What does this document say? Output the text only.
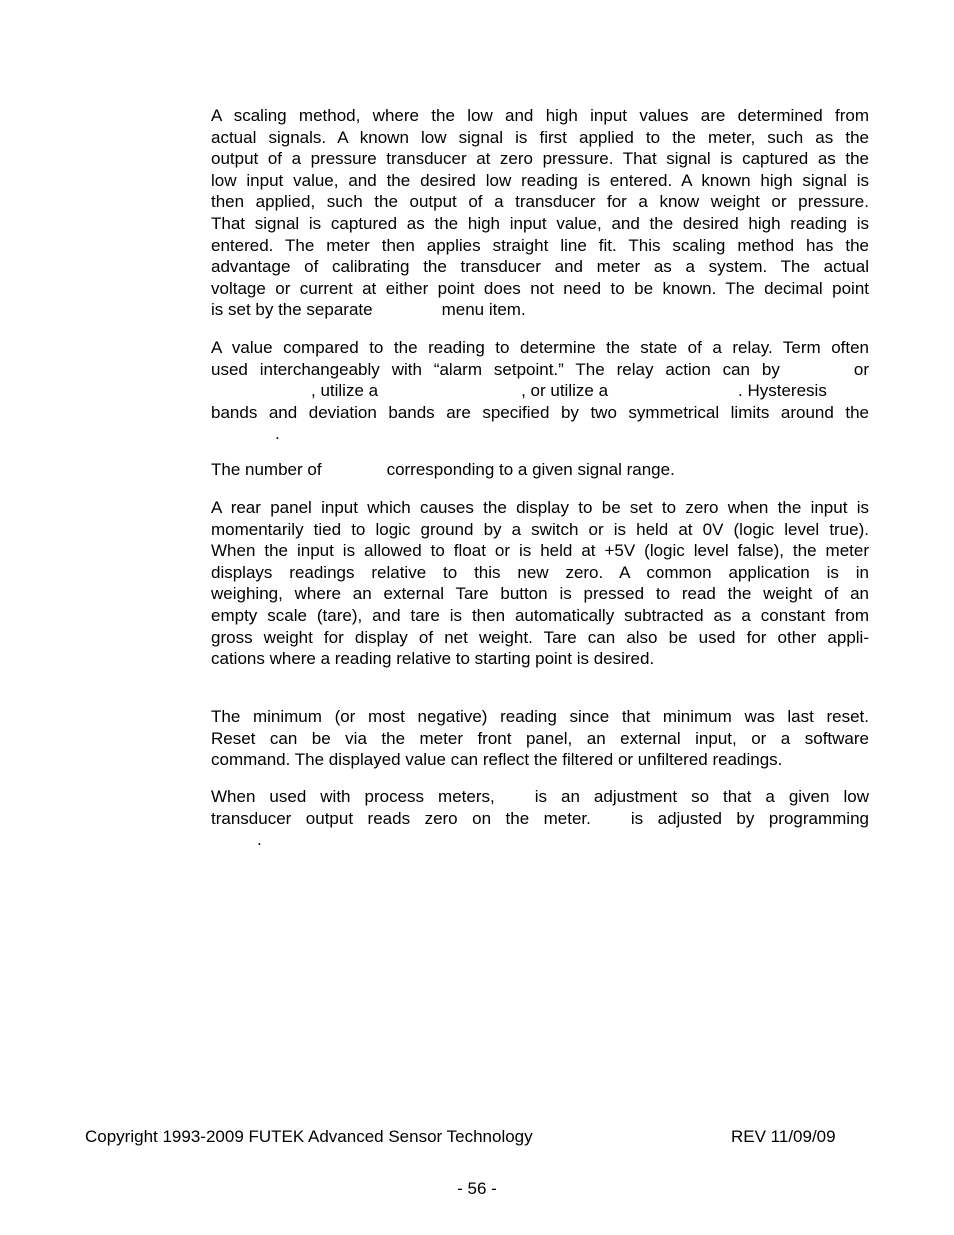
A scaling method, where the low and high input values are determined from
actual signals. A known low signal is first applied to the meter, such as the
output of a pressure transducer at zero pressure. That signal is captured as the
low input value, and the desired low reading is entered. A known high signal is
then applied, such the output of a transducer for a know weight or pressure.
That signal is captured as the high input value, and the desired high reading is
entered. The meter then applies straight line fit. This scaling method has the
advantage of calibrating the transducer and meter as a system. The actual
voltage or current at either point does not need to be known. The decimal point
is set by the separate	menu item.
A value compared to the reading to determine the state of a relay. Term often
used interchangeably with “alarm setpoint.” The relay action can by	or
, utilize a	, or utilize a	. Hysteresis
bands and deviation bands are specified by two symmetrical limits around the
.
The number of	corresponding to a given signal range.
A rear panel input which causes the display to be set to zero when the input is
momentarily tied to logic ground by a switch or is held at 0V (logic level true).
When the input is allowed to float or is held at +5V (logic level false), the meter
displays readings relative to this new zero. A common application is in
weighing, where an external Tare button is pressed to read the weight of an
empty scale (tare), and tare is then automatically subtracted as a constant from
gross weight for display of net weight. Tare can also be used for other appli-
cations where a reading relative to starting point is desired.
The minimum (or most negative) reading since that minimum was last reset.
Reset can be via the meter front panel, an external input, or a software
command. The displayed value can reflect the filtered or unfiltered readings.
When used with process meters, is an adjustment so that a given low
transducer output reads zero on the meter. is adjusted by programming
.
Copyright 1993-2009 FUTEK Advanced Sensor Technology	REV 11/09/09
- 56 -
